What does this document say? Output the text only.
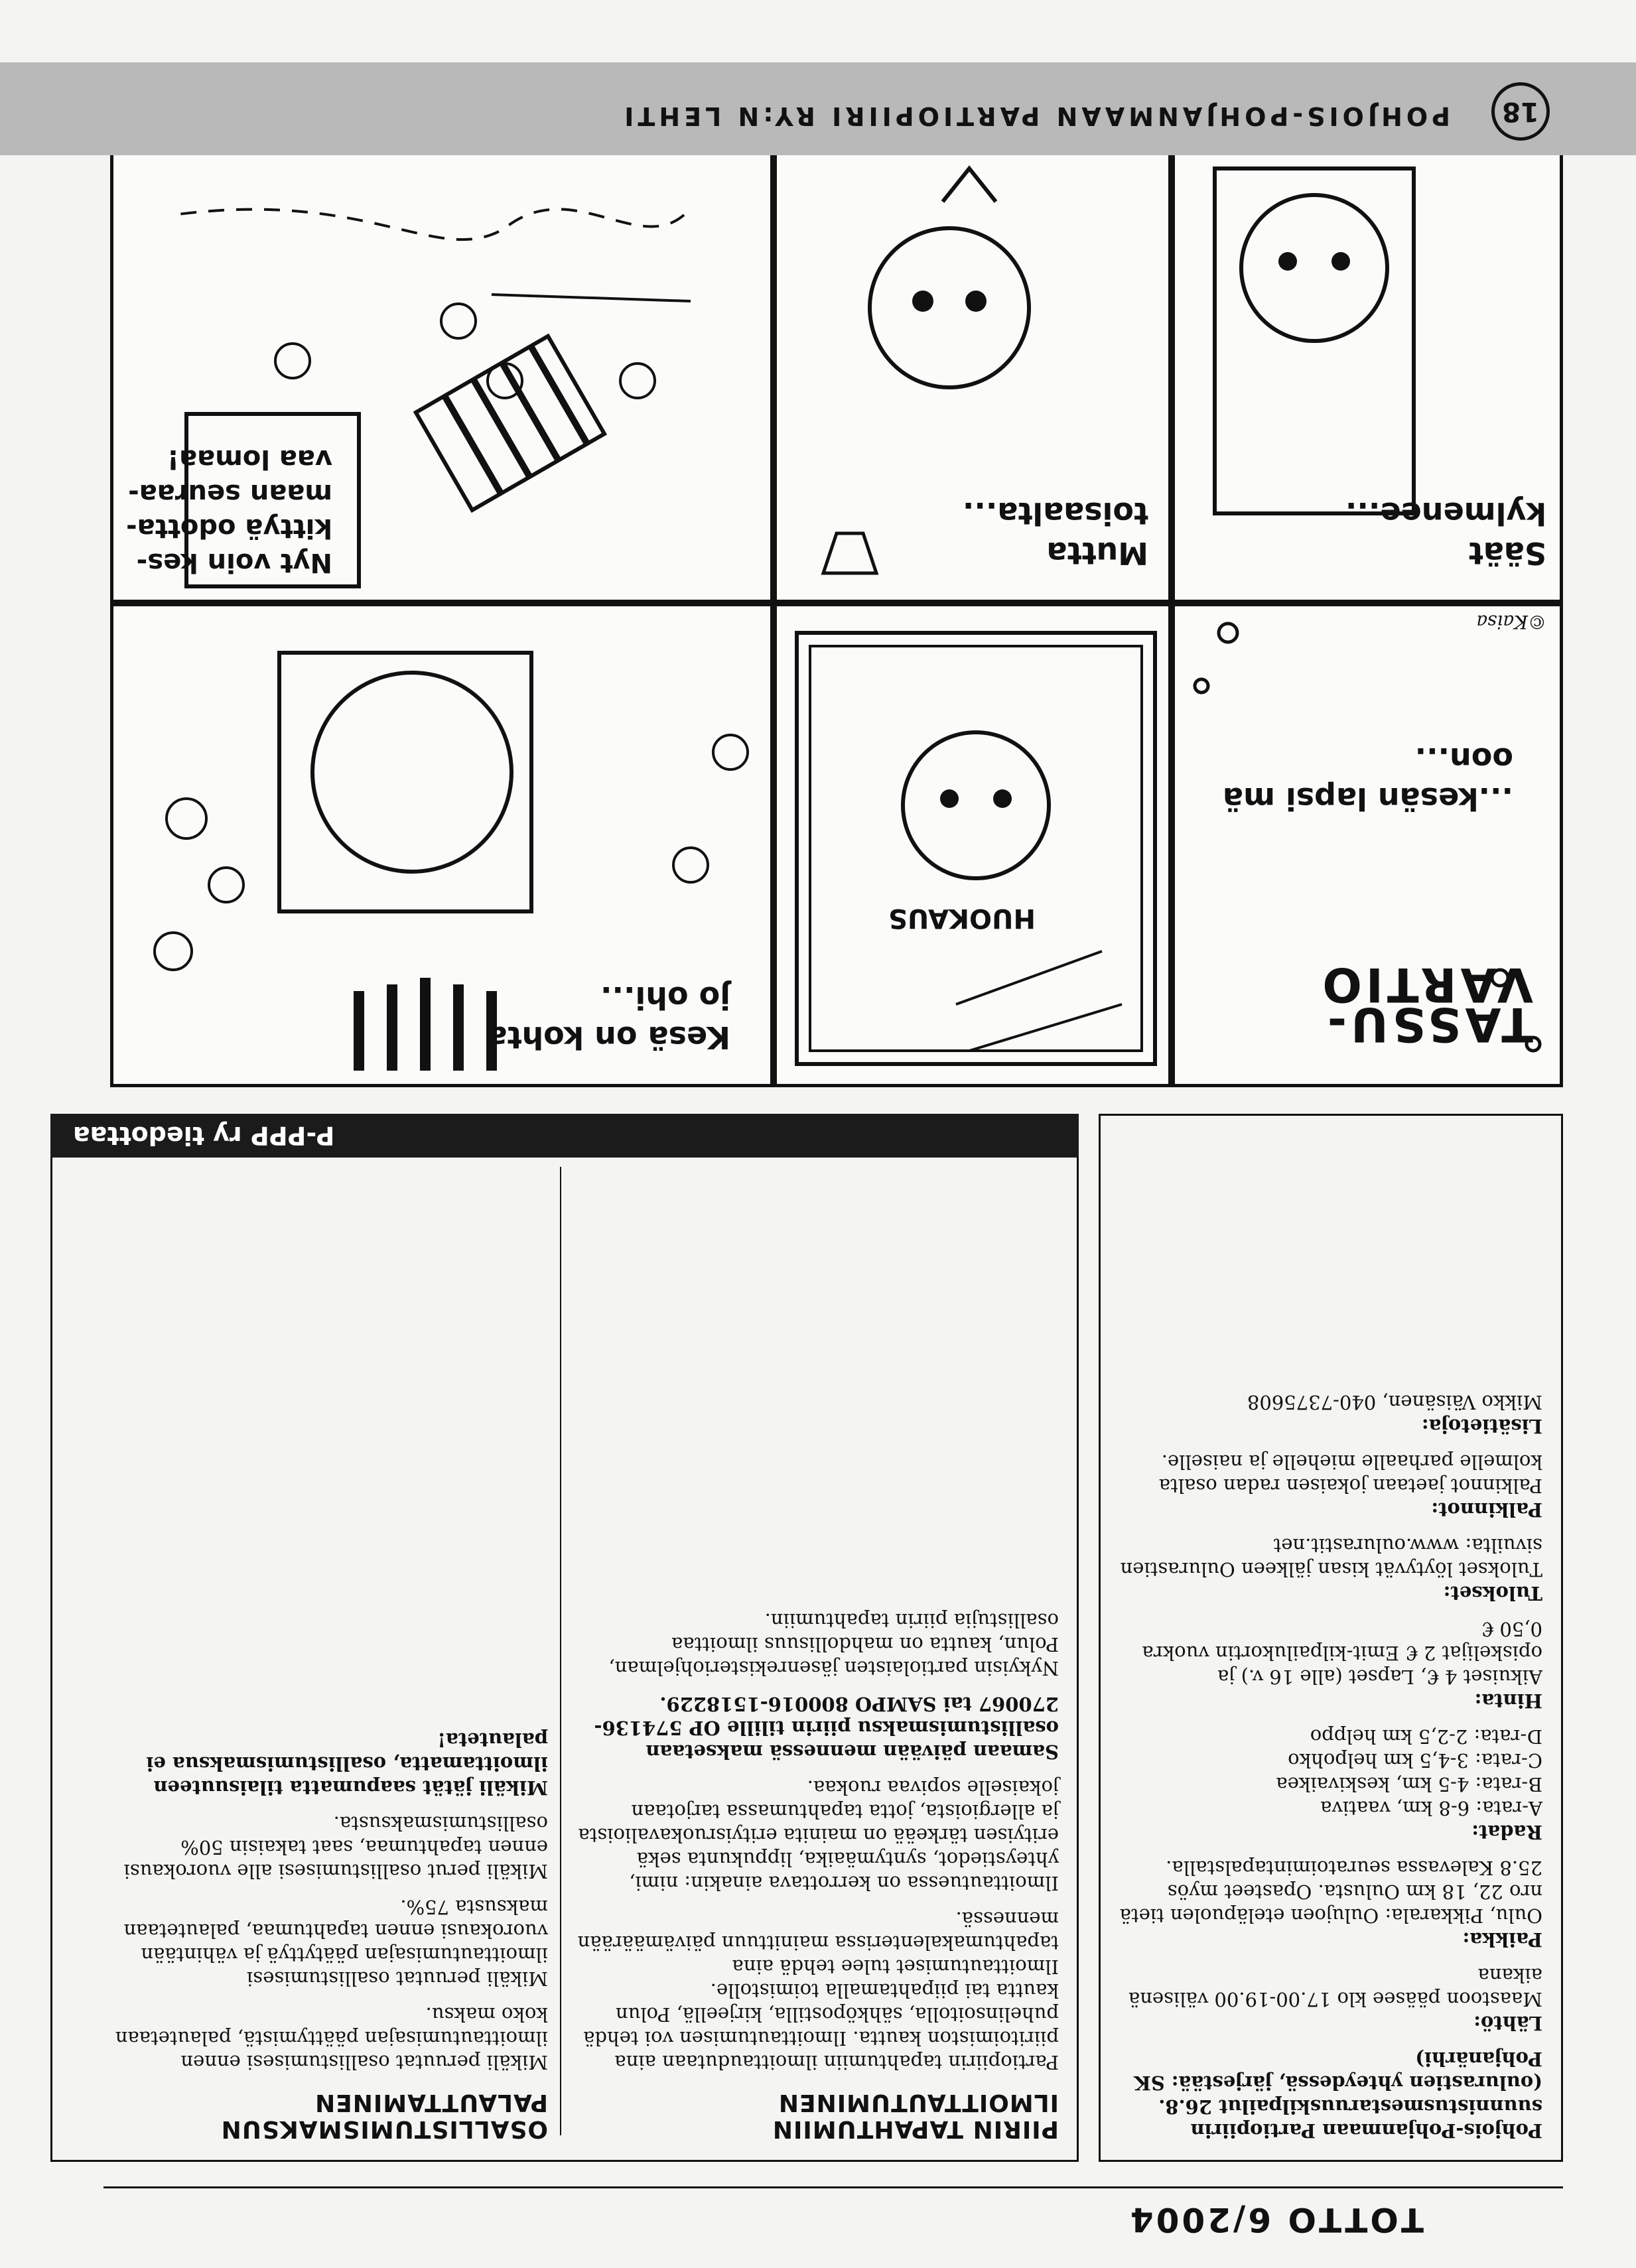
TOTTO 6/2004

Pohjois-Pohjanmaan Partiopiirin suunnistusmestaruuskilpailut 26.8. (oulurastien yhteydessä, järjestää: SK Pohjanärhi)

Lähtö:
Maastoon pääsee klo 17.00-19.00 välisenä aikana

Paikka:
Oulu, Pikkarala: Oulujoen eteläpuolen tietä nro 22, 18 km Oulusta. Opasteet myös 25.8 Kalevassa seuratoimintapalstalla.

Radat:
A-rata: 6-8 km, vaativa
B-rata: 4-5 km, keskivaikea
C-rata: 3-4,5 km helpohko
D-rata: 2-2,5 km helppo

Hinta:
Aikuiset 4 €, Lapset (alle 16 v.) ja opiskelijat 2 € Emit-kilpailukortin vuokra 0,50 €

Tulokset:
Tulokset löytyvät kisan jälkeen Oulurastien sivuilta: www.oulurastit.net

Palkinnot:
Palkinnot jaetaan jokaisen radan osalta kolmelle parhaalle miehelle ja naiselle.

Lisätietoja:
Mikko Väisänen, 040-7375608

P-PPP ry tiedottaa
PIIRIN TAPAHTUMIIN ILMOITTAUTUMINEN

Partiopiirin tapahtumiin ilmoittaudutaan aina piiritoimiston kautta. Ilmoittautumisen voi tehdä puhelinsoitolla, sähköpostilla, kirjeellä, Polun kautta tai piipahtamalla toimistolle. Ilmoittautumiset tulee tehdä aina tapahtumakalenterissa mainittuun päivämäärään mennessä.

Ilmoittautuessa on kerrottava ainakin: nimi, yhteystiedot, syntymäaika, lippukunta sekä erityisen tärkeää on mainita erityisruokavalioista ja allergioista, jotta tapahtumassa tarjotaan jokaiselle sopivaa ruokaa.

Samaan päivään mennessä maksetaan osallistumismaksu piirin tilille OP 574136-270067 tai SAMPO 800016-1518229.

Nykyisin partiolaisten jäsenrekisteriohjelman, Polun, kautta on mahdollisuus ilmoittaa osallistujia piirin tapahtumiin.

OSALLISTUMISMAKSUN PALAUTTAMINEN

Mikäli peruutat osallistumisesi ennen ilmoittautumisajan päättymistä, palautetaan koko maksu.

Mikäli peruutat osallistumisesi ilmoittautumisajan päätyttyä ja vähintään vuorokausi ennen tapahtumaa, palautetaan maksusta 75%.

Mikäli perut osallistumisesi alle vuorokausi ennen tapahtumaa, saat takaisin 50% osallistumismaksusta.

Mikäli jätät saapumatta tilaisuuteen ilmoittamatta, osallistumismaksua ei palauteta!

TASSU-VARTIO
...kesän lapsi mä
oon...
©Kaisa
HUOKAUS
Kesä on kohta
jo ohi...
Säät
kylmenee...
Mutta
toisaalta...
Nyt voin kes-
kittyä odotta-
maan seuraa-
vaa lomaa!
POHJOIS-POHJANMAAN PARTIOPIIRI RY:N LEHTI	18
